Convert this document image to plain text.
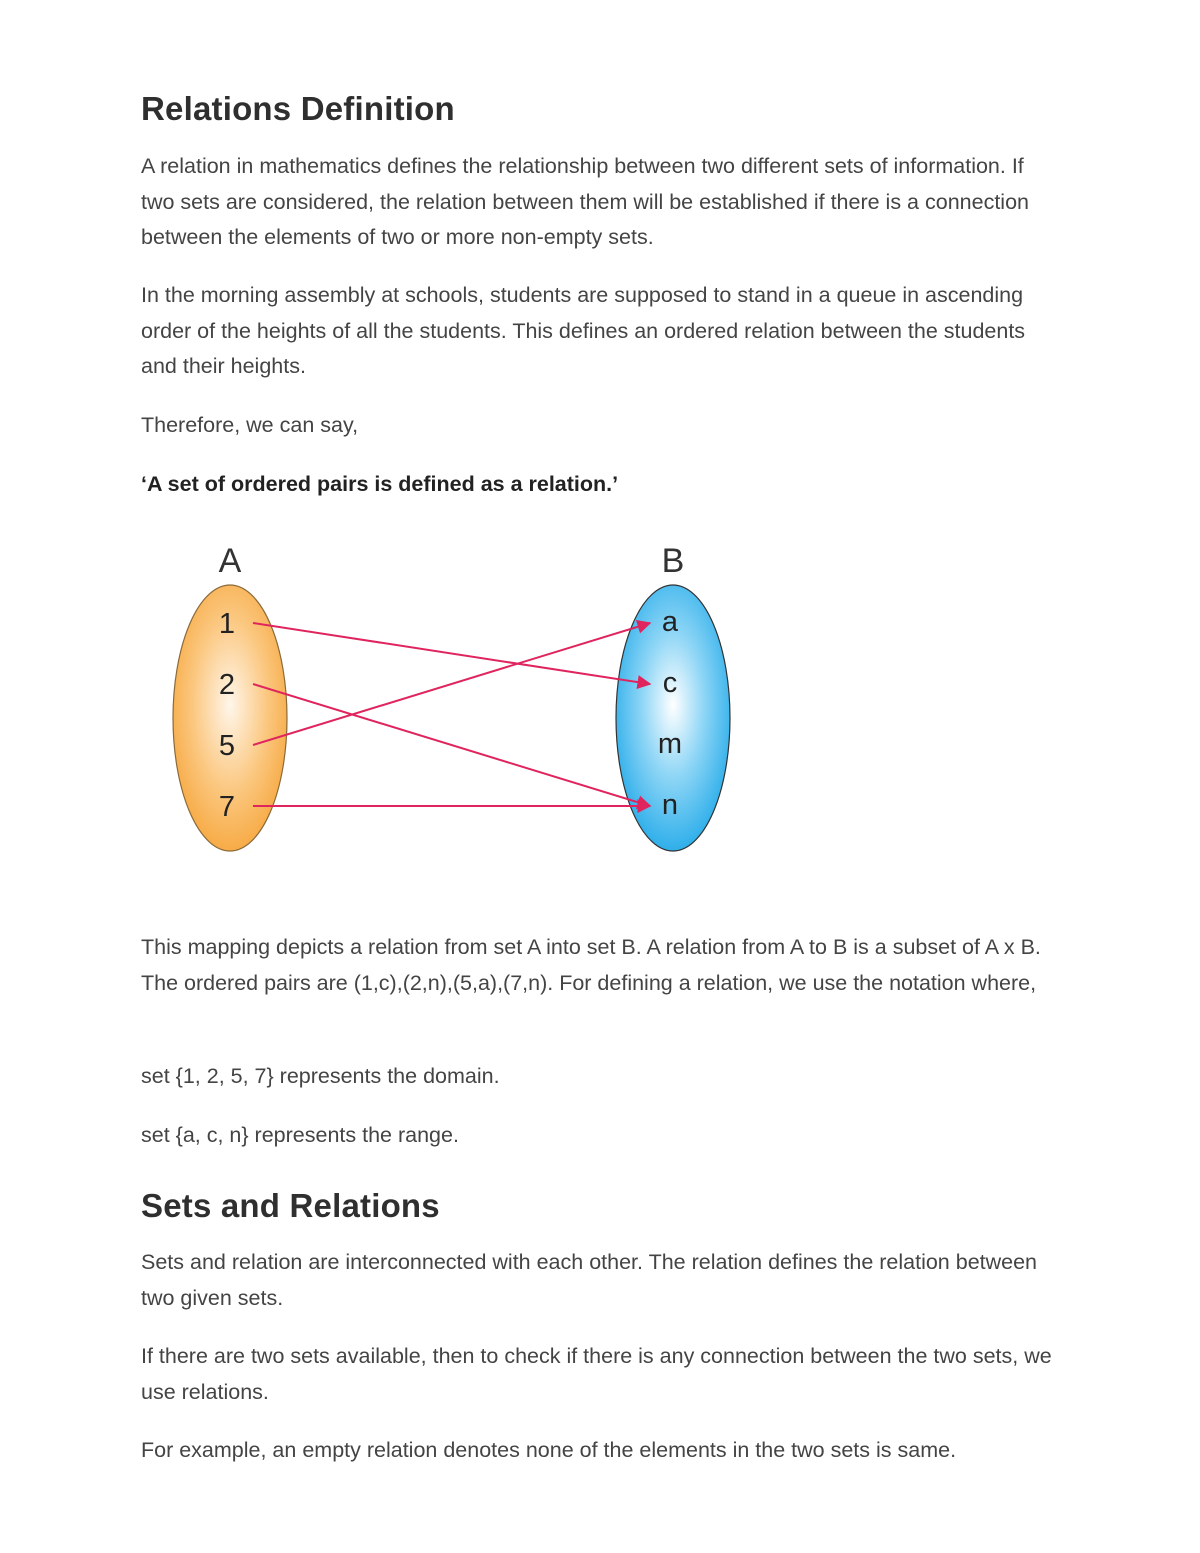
Relations Definition

A relation in mathematics defines the relationship between two different sets of information. If two sets are considered, the relation between them will be established if there is a connection between the elements of two or more non-empty sets.

In the morning assembly at schools, students are supposed to stand in a queue in ascending order of the heights of all the students. This defines an ordered relation between the students and their heights.

Therefore, we can say,

‘A set of ordered pairs is defined as a relation.’

This mapping depicts a relation from set A into set B. A relation from A to B is a subset of A x B. The ordered pairs are (1,c),(2,n),(5,a),(7,n). For defining a relation, we use the notation where,

set {1, 2, 5, 7} represents the domain.

set {a, c, n} represents the range.

Sets and Relations

Sets and relation are interconnected with each other. The relation defines the relation between two given sets.

If there are two sets available, then to check if there is any connection between the two sets, we use relations.

For example, an empty relation denotes none of the elements in the two sets is same.

A	B
1
2
5
7
a
c
m
n
